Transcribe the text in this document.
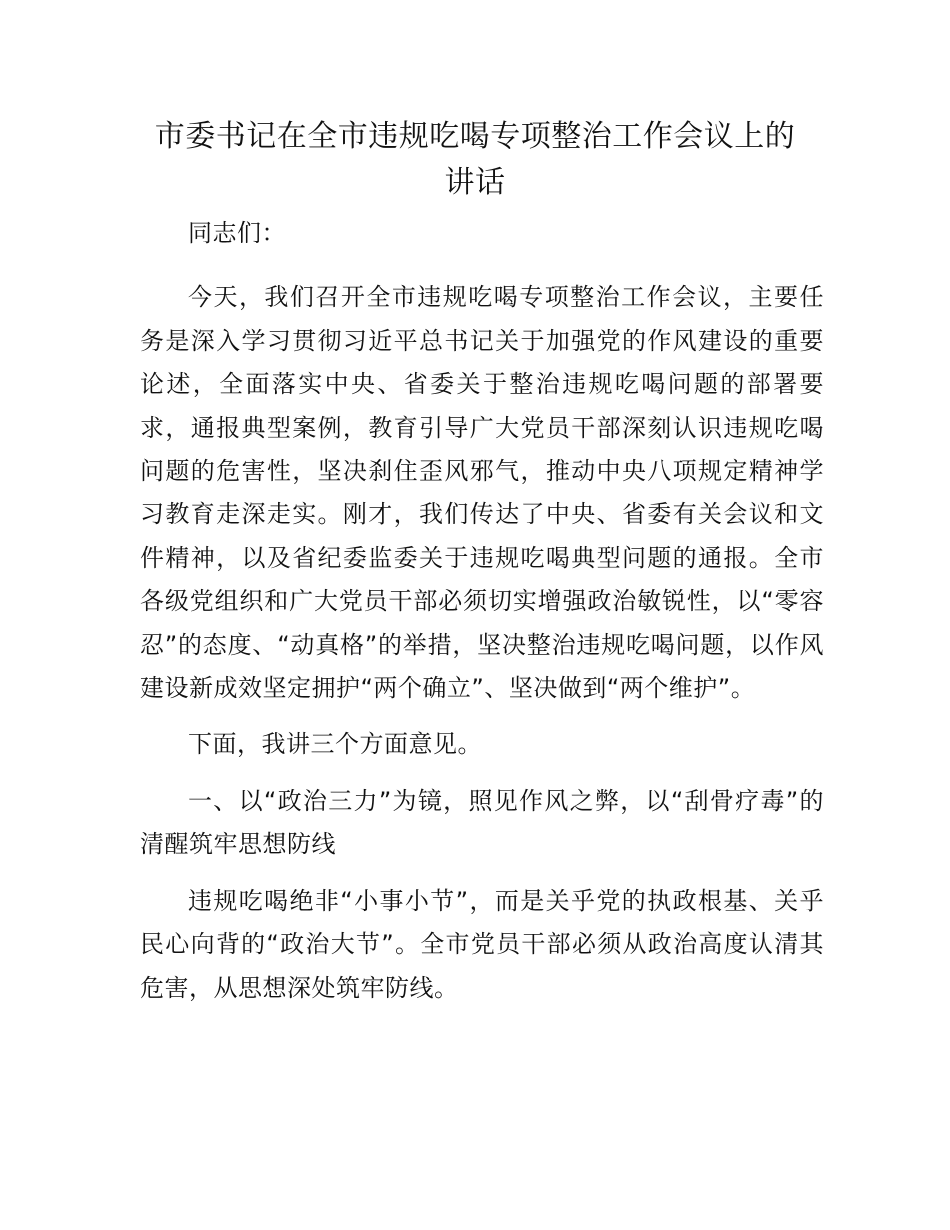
市委书记在全市违规吃喝专项整治工作会议上的讲话

同志们：

今天，我们召开全市违规吃喝专项整治工作会议，主要任务是深入学习贯彻习近平总书记关于加强党的作风建设的重要论述，全面落实中央、省委关于整治违规吃喝问题的部署要求，通报典型案例，教育引导广大党员干部深刻认识违规吃喝问题的危害性，坚决刹住歪风邪气，推动中央八项规定精神学习教育走深走实。刚才，我们传达了中央、省委有关会议和文件精神，以及省纪委监委关于违规吃喝典型问题的通报。全市各级党组织和广大党员干部必须切实增强政治敏锐性，以“零容忍”的态度、“动真格”的举措，坚决整治违规吃喝问题，以作风建设新成效坚定拥护“两个确立”、坚决做到“两个维护”。

下面，我讲三个方面意见。

一、以“政治三力”为镜，照见作风之弊，以“刮骨疗毒”的清醒筑牢思想防线

违规吃喝绝非“小事小节”，而是关乎党的执政根基、关乎民心向背的“政治大节”。全市党员干部必须从政治高度认清其危害，从思想深处筑牢防线。
